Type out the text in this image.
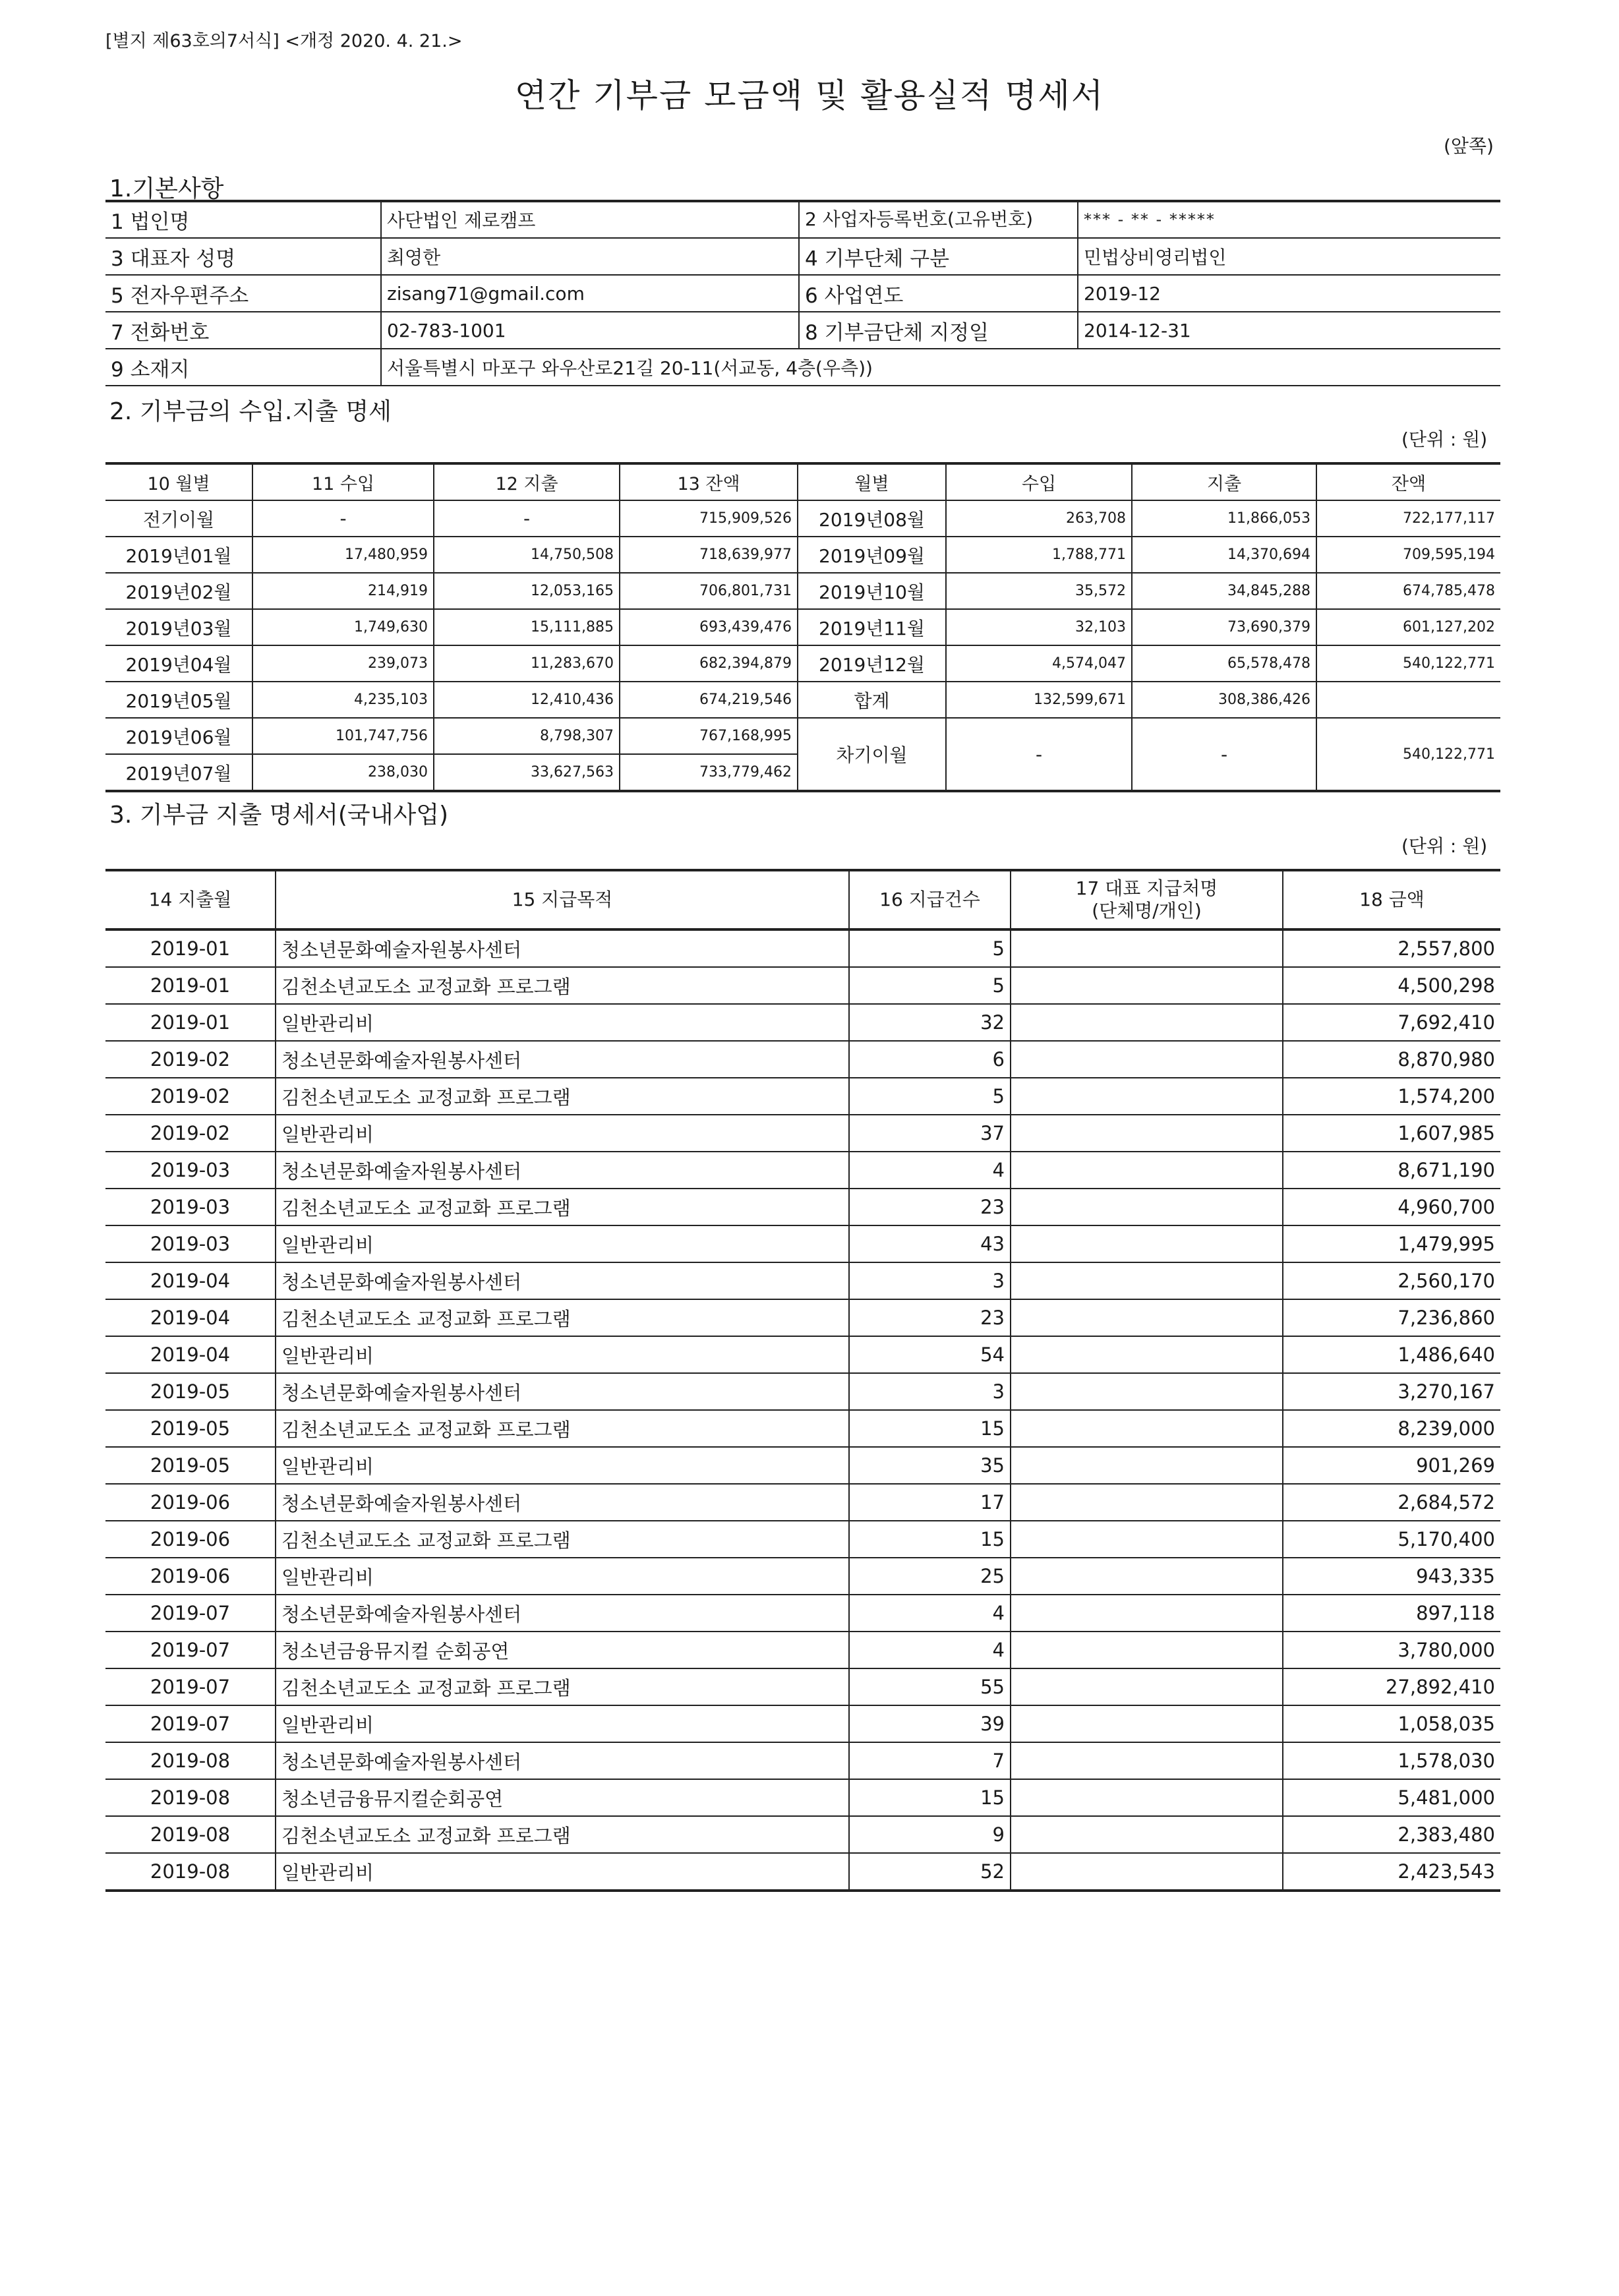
[별지 제63호의7서식] <개정 2020. 4. 21.>
연간 기부금 모금액 및 활용실적 명세서
(앞쪽)
1.기본사항
1 법인명	사단법인 제로캠프	2 사업자등록번호(고유번호)	*** - ** - *****
3 대표자 성명	최영한	4 기부단체 구분	민법상비영리법인
5 전자우편주소	zisang71@gmail.com	6 사업연도	2019-12
7 전화번호	02-783-1001	8 기부금단체 지정일	2014-12-31
9 소재지	서울특별시 마포구 와우산로21길 20-11(서교동, 4층(우측))		
2. 기부금의 수입.지출 명세
(단위 : 원)
10 월별	11 수입	12 지출	13 잔액	월별	수입	지출	잔액
전기이월	-	-	715,909,526	2019년08월	263,708	11,866,053	722,177,117
2019년01월	17,480,959	14,750,508	718,639,977	2019년09월	1,788,771	14,370,694	709,595,194
2019년02월	214,919	12,053,165	706,801,731	2019년10월	35,572	34,845,288	674,785,478
2019년03월	1,749,630	15,111,885	693,439,476	2019년11월	32,103	73,690,379	601,127,202
2019년04월	239,073	11,283,670	682,394,879	2019년12월	4,574,047	65,578,478	540,122,771
2019년05월	4,235,103	12,410,436	674,219,546	합계	132,599,671	308,386,426	
2019년06월	101,747,756	8,798,307	767,168,995	차기이월	-	-	540,122,771
2019년07월	238,030	33,627,563	733,779,462				
3. 기부금 지출 명세서(국내사업)
(단위 : 원)
14 지출월	15 지급목적	16 지급건수	17 대표 지급처명
(단체명/개인)	18 금액
2019-01	청소년문화예술자원봉사센터	5		2,557,800
2019-01	김천소년교도소 교정교화 프로그램	5		4,500,298
2019-01	일반관리비	32		7,692,410
2019-02	청소년문화예술자원봉사센터	6		8,870,980
2019-02	김천소년교도소 교정교화 프로그램	5		1,574,200
2019-02	일반관리비	37		1,607,985
2019-03	청소년문화예술자원봉사센터	4		8,671,190
2019-03	김천소년교도소 교정교화 프로그램	23		4,960,700
2019-03	일반관리비	43		1,479,995
2019-04	청소년문화예술자원봉사센터	3		2,560,170
2019-04	김천소년교도소 교정교화 프로그램	23		7,236,860
2019-04	일반관리비	54		1,486,640
2019-05	청소년문화예술자원봉사센터	3		3,270,167
2019-05	김천소년교도소 교정교화 프로그램	15		8,239,000
2019-05	일반관리비	35		901,269
2019-06	청소년문화예술자원봉사센터	17		2,684,572
2019-06	김천소년교도소 교정교화 프로그램	15		5,170,400
2019-06	일반관리비	25		943,335
2019-07	청소년문화예술자원봉사센터	4		897,118
2019-07	청소년금융뮤지컬 순회공연	4		3,780,000
2019-07	김천소년교도소 교정교화 프로그램	55		27,892,410
2019-07	일반관리비	39		1,058,035
2019-08	청소년문화예술자원봉사센터	7		1,578,030
2019-08	청소년금융뮤지컬순회공연	15		5,481,000
2019-08	김천소년교도소 교정교화 프로그램	9		2,383,480
2019-08	일반관리비	52		2,423,543
